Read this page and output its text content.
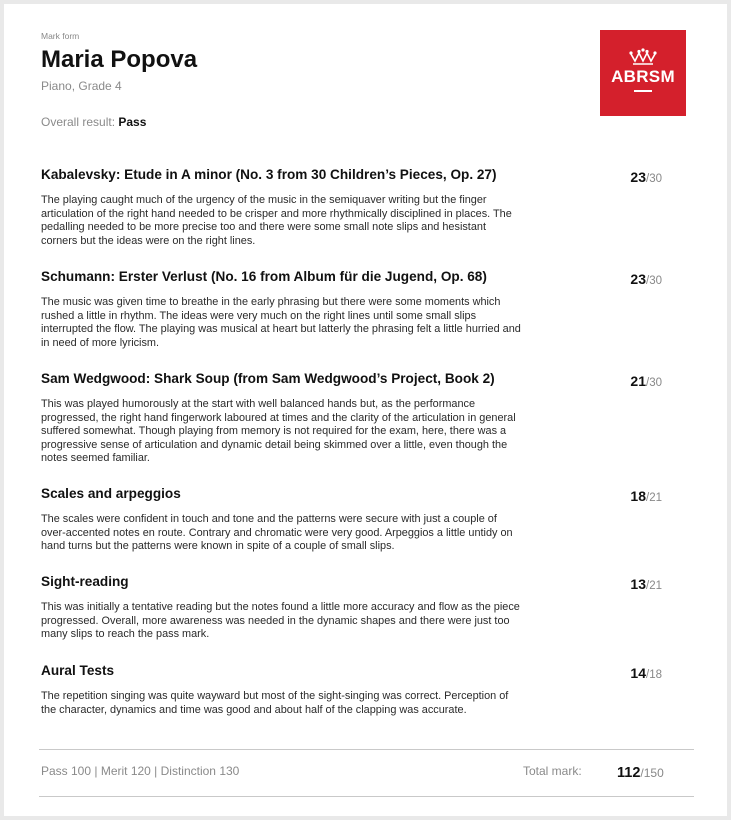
Mark form
Maria Popova
Piano, Grade 4
Overall result: Pass
ABRSM
Kabalevsky: Etude in A minor (No. 3 from 30 Children’s Pieces, Op. 27)
The playing caught much of the urgency of the music in the semiquaver writing but the finger articulation of the right hand needed to be crisper and more rhythmically disciplined in places. The pedalling needed to be more precise too and there were some small note slips and hesistant corners but the ideas were on the right lines.
23/30
Schumann: Erster Verlust (No. 16 from Album für die Jugend, Op. 68)
The music was given time to breathe in the early phrasing but there were some moments which rushed a little in rhythm. The ideas were very much on the right lines until some small slips interrupted the flow. The playing was musical at heart but latterly the phrasing felt a little hurried and in need of more lyricism.
23/30
Sam Wedgwood: Shark Soup (from Sam Wedgwood’s Project, Book 2)
This was played humorously at the start with well balanced hands but, as the performance progressed, the right hand fingerwork laboured at times and the clarity of the articulation in general suffered somewhat. Though playing from memory is not required for the exam, here, there was a progressive sense of articulation and dynamic detail being skimmed over a little, even though the notes seemed familiar.
21/30
Scales and arpeggios
The scales were confident in touch and tone and the patterns were secure with just a couple of over-accented notes en route. Contrary and chromatic were very good. Arpeggios a little untidy on hand turns but the patterns were known in spite of a couple of small slips.
18/21
Sight-reading
This was initially a tentative reading but the notes found a little more accuracy and flow as the piece progressed. Overall, more awareness was needed in the dynamic shapes and there were just too many slips to reach the pass mark.
13/21
Aural Tests
The repetition singing was quite wayward but most of the sight-singing was correct. Perception of the character, dynamics and time was good and about half of the clapping was accurate.
14/18
Pass 100 | Merit 120 | Distinction 130	Total mark: 112/150
